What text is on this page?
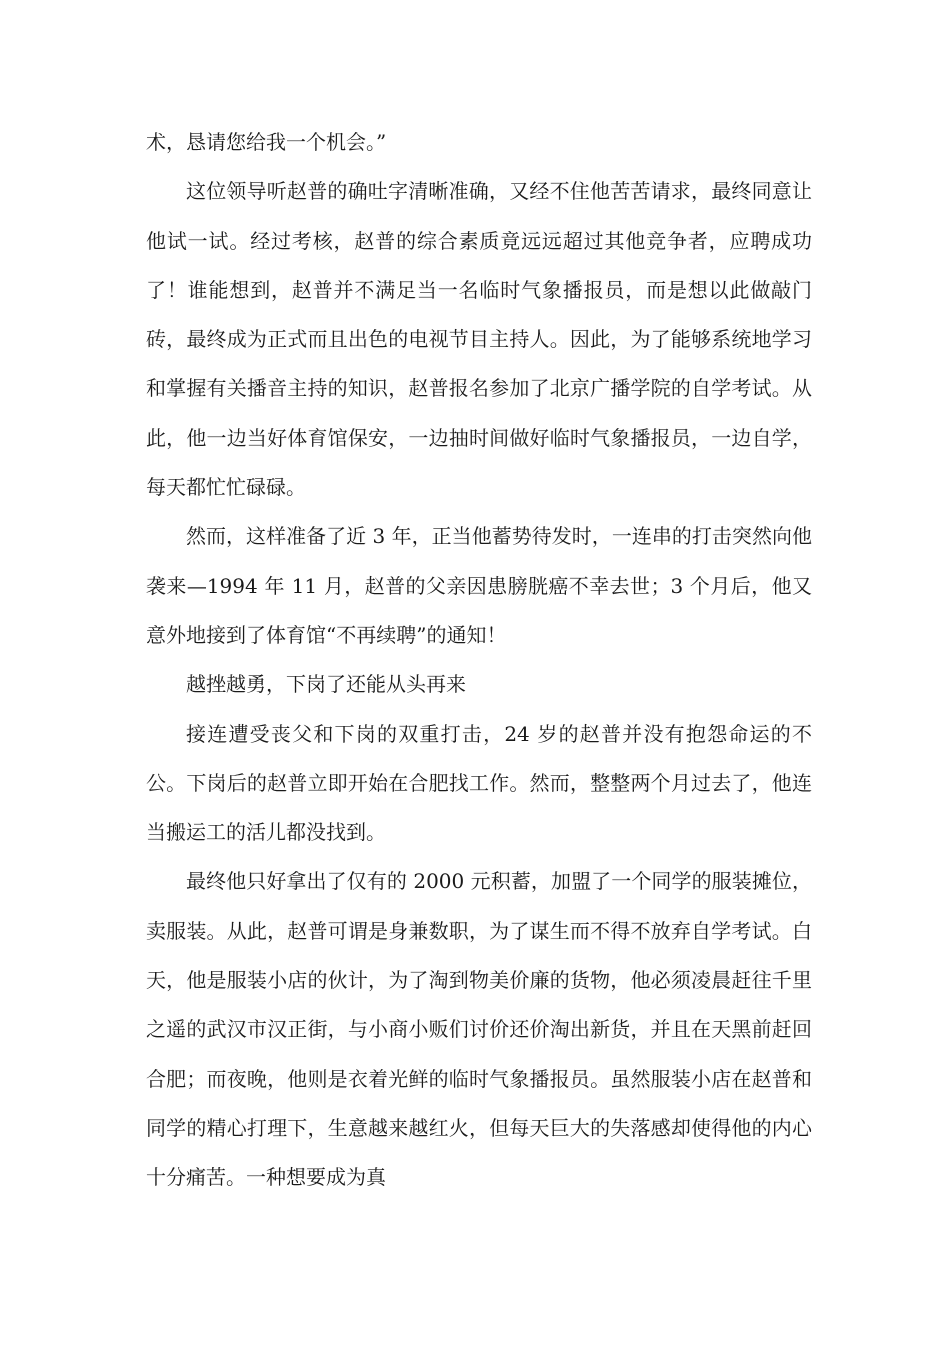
术，恳请您给我一个机会。”

这位领导听赵普的确吐字清晰准确，又经不住他苦苦请求，最终同意让他试一试。经过考核，赵普的综合素质竟远远超过其他竞争者，应聘成功了！谁能想到，赵普并不满足当一名临时气象播报员，而是想以此做敲门砖，最终成为正式而且出色的电视节目主持人。因此，为了能够系统地学习和掌握有关播音主持的知识，赵普报名参加了北京广播学院的自学考试。从此，他一边当好体育馆保安，一边抽时间做好临时气象播报员，一边自学，每天都忙忙碌碌。

然而，这样准备了近 3 年，正当他蓄势待发时，一连串的打击突然向他袭来—1994 年 11 月，赵普的父亲因患膀胱癌不幸去世；3 个月后，他又意外地接到了体育馆“不再续聘”的通知！

越挫越勇，下岗了还能从头再来

接连遭受丧父和下岗的双重打击，24 岁的赵普并没有抱怨命运的不公。下岗后的赵普立即开始在合肥找工作。然而，整整两个月过去了，他连当搬运工的活儿都没找到。

最终他只好拿出了仅有的 2000 元积蓄，加盟了一个同学的服装摊位，卖服装。从此，赵普可谓是身兼数职，为了谋生而不得不放弃自学考试。白天，他是服装小店的伙计，为了淘到物美价廉的货物，他必须凌晨赶往千里之遥的武汉市汉正街，与小商小贩们讨价还价淘出新货，并且在天黑前赶回合肥；而夜晚，他则是衣着光鲜的临时气象播报员。虽然服装小店在赵普和同学的精心打理下，生意越来越红火，但每天巨大的失落感却使得他的内心十分痛苦。一种想要成为真
